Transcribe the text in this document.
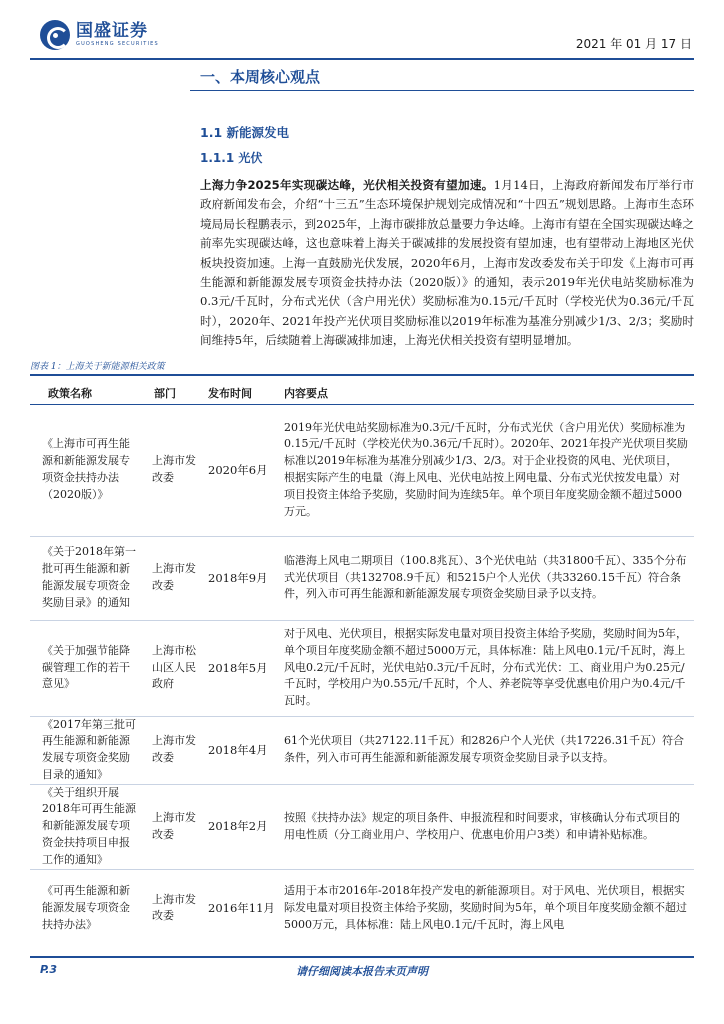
国盛证券
GUOSHENG SECURITIES	2021 年 01 月 17 日
一、本周核心观点
1.1 新能源发电
1.1.1 光伏

上海力争2025年实现碳达峰，光伏相关投资有望加速。1月14日，上海政府新闻发布厅举行市政府新闻发布会，介绍“十三五”生态环境保护规划完成情况和“十四五”规划思路。上海市生态环境局局长程鹏表示，到2025年，上海市碳排放总量要力争达峰。上海市有望在全国实现碳达峰之前率先实现碳达峰，这也意味着上海关于碳减排的发展投资有望加速，也有望带动上海地区光伏板块投资加速。上海一直鼓励光伏发展，2020年6月，上海市发改委发布关于印发《上海市可再生能源和新能源发展专项资金扶持办法（2020版）》的通知，表示2019年光伏电站奖励标准为0.3元/千瓦时，分布式光伏（含户用光伏）奖励标准为0.15元/千瓦时（学校光伏为0.36元/千瓦时），2020年、2021年投产光伏项目奖励标准以2019年标准为基准分别减少1/3、2/3；奖励时间维持5年，后续随着上海碳减排加速，上海光伏相关投资有望明显增加。

图表 1：上海关于新能源相关政策
政策名称	部门	发布时间	内容要点
《上海市可再生能源和新能源发展专项资金扶持办法（2020版）》	上海市发改委	2020年6月	2019年光伏电站奖励标准为0.3元/千瓦时，分布式光伏（含户用光伏）奖励标准为0.15元/千瓦时（学校光伏为0.36元/千瓦时）。2020年、2021年投产光伏项目奖励标准以2019年标准为基准分别减少1/3、2/3。对于企业投资的风电、光伏项目，根据实际产生的电量（海上风电、光伏电站按上网电量、分布式光伏按发电量）对项目投资主体给予奖励，奖励时间为连续5年。单个项目年度奖励金额不超过5000万元。
《关于2018年第一批可再生能源和新能源发展专项资金奖励目录》的通知	上海市发改委	2018年9月	临港海上风电二期项目（100.8兆瓦）、3个光伏电站（共31800千瓦）、335个分布式光伏项目（共132708.9千瓦）和5215户个人光伏（共33260.15千瓦）符合条件，列入市可再生能源和新能源发展专项资金奖励目录予以支持。
《关于加强节能降碳管理工作的若干意见》	上海市松山区人民政府	2018年5月	对于风电、光伏项目，根据实际发电量对项目投资主体给予奖励，奖励时间为5年，单个项目年度奖励金额不超过5000万元，具体标准：陆上风电0.1元/千瓦时，海上风电0.2元/千瓦时，光伏电站0.3元/千瓦时，分布式光伏：工、商业用户为0.25元/千瓦时，学校用户为0.55元/千瓦时，个人、养老院等享受优惠电价用户为0.4元/千瓦时。
《2017年第三批可再生能源和新能源发展专项资金奖励目录的通知》	上海市发改委	2018年4月	61个光伏项目（共27122.11千瓦）和2826户个人光伏（共17226.31千瓦）符合条件，列入市可再生能源和新能源发展专项资金奖励目录予以支持。
《关于组织开展2018年可再生能源和新能源发展专项资金扶持项目申报工作的通知》	上海市发改委	2018年2月	按照《扶持办法》规定的项目条件、申报流程和时间要求，审核确认分布式项目的用电性质（分工商业用户、学校用户、优惠电价用户3类）和申请补贴标准。
《可再生能源和新能源发展专项资金扶持办法》	上海市发改委	2016年11月	适用于本市2016年-2018年投产发电的新能源项目。对于风电、光伏项目，根据实际发电量对项目投资主体给予奖励，奖励时间为5年，单个项目年度奖励金额不超过5000万元，具体标准：陆上风电0.1元/千瓦时，海上风电
P.3	请仔细阅读本报告末页声明
